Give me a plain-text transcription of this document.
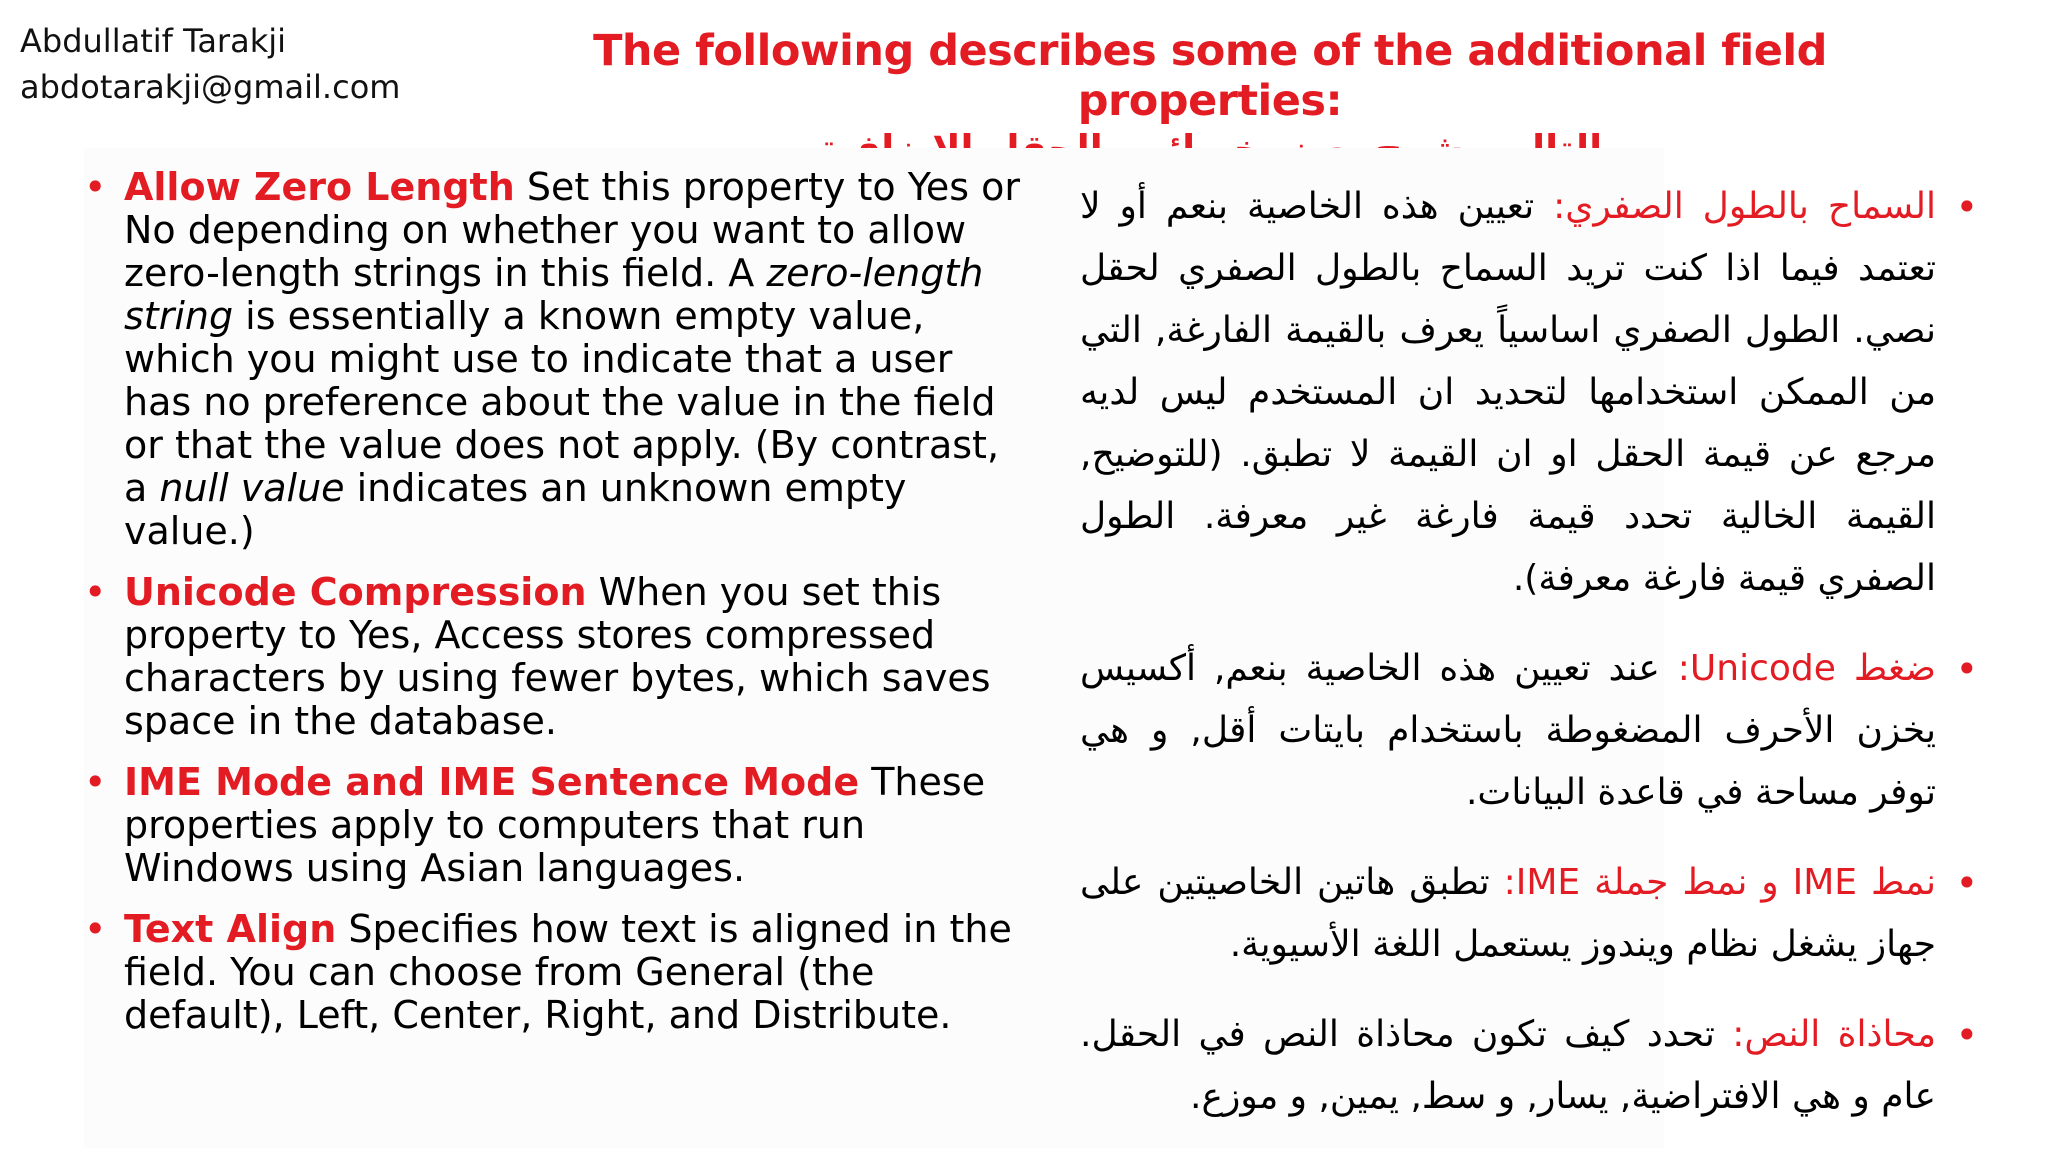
Abdullatif Tarakji
abdotarakji@gmail.com
The following describes some of the additional field properties:

• Allow Zero Length Set this property to Yes or No depending on whether you want to allow zero-length strings in this field. A zero-length string is essentially a known empty value, which you might use to indicate that a user has no preference about the value in the field or that the value does not apply. (By contrast, a null value indicates an unknown empty value.)

• Unicode Compression When you set this property to Yes, Access stores compressed characters by using fewer bytes, which saves space in the database.

• IME Mode and IME Sentence Mode These properties apply to computers that run Windows using Asian languages.

• Text Align Specifies how text is aligned in the field. You can choose from General (the default), Left, Center, Right, and Distribute.

•
السماح بالطول الصفري: تعيين هذه الخاصية بنعم أو لا تعتمد فيما اذا كنت تريد السماح بالطول الصفري لحقل نصي. الطول الصفري اساسياً يعرف بالقيمة الفارغة, التي من الممكن استخدامها لتحديد ان المستخدم ليس لديه مرجع عن قيمة الحقل او ان القيمة لا تطبق. (للتوضيح, القيمة الخالية تحدد قيمة فارغة غير معرفة. الطول الصفري قيمة فارغة معرفة).

•
ضغط Unicode: عند تعيين هذه الخاصية بنعم, أكسيس يخزن الأحرف المضغوطة باستخدام بايتات أقل, و هي توفر مساحة في قاعدة البيانات.

•
نمط IME و نمط جملة IME: تطبق هاتين الخاصيتين على جهاز يشغل نظام ويندوز يستعمل اللغة الأسيوية.

•
محاذاة النص: تحدد كيف تكون محاذاة النص في الحقل. عام و هي الافتراضية, يسار, و سط, يمين, و موزع.
